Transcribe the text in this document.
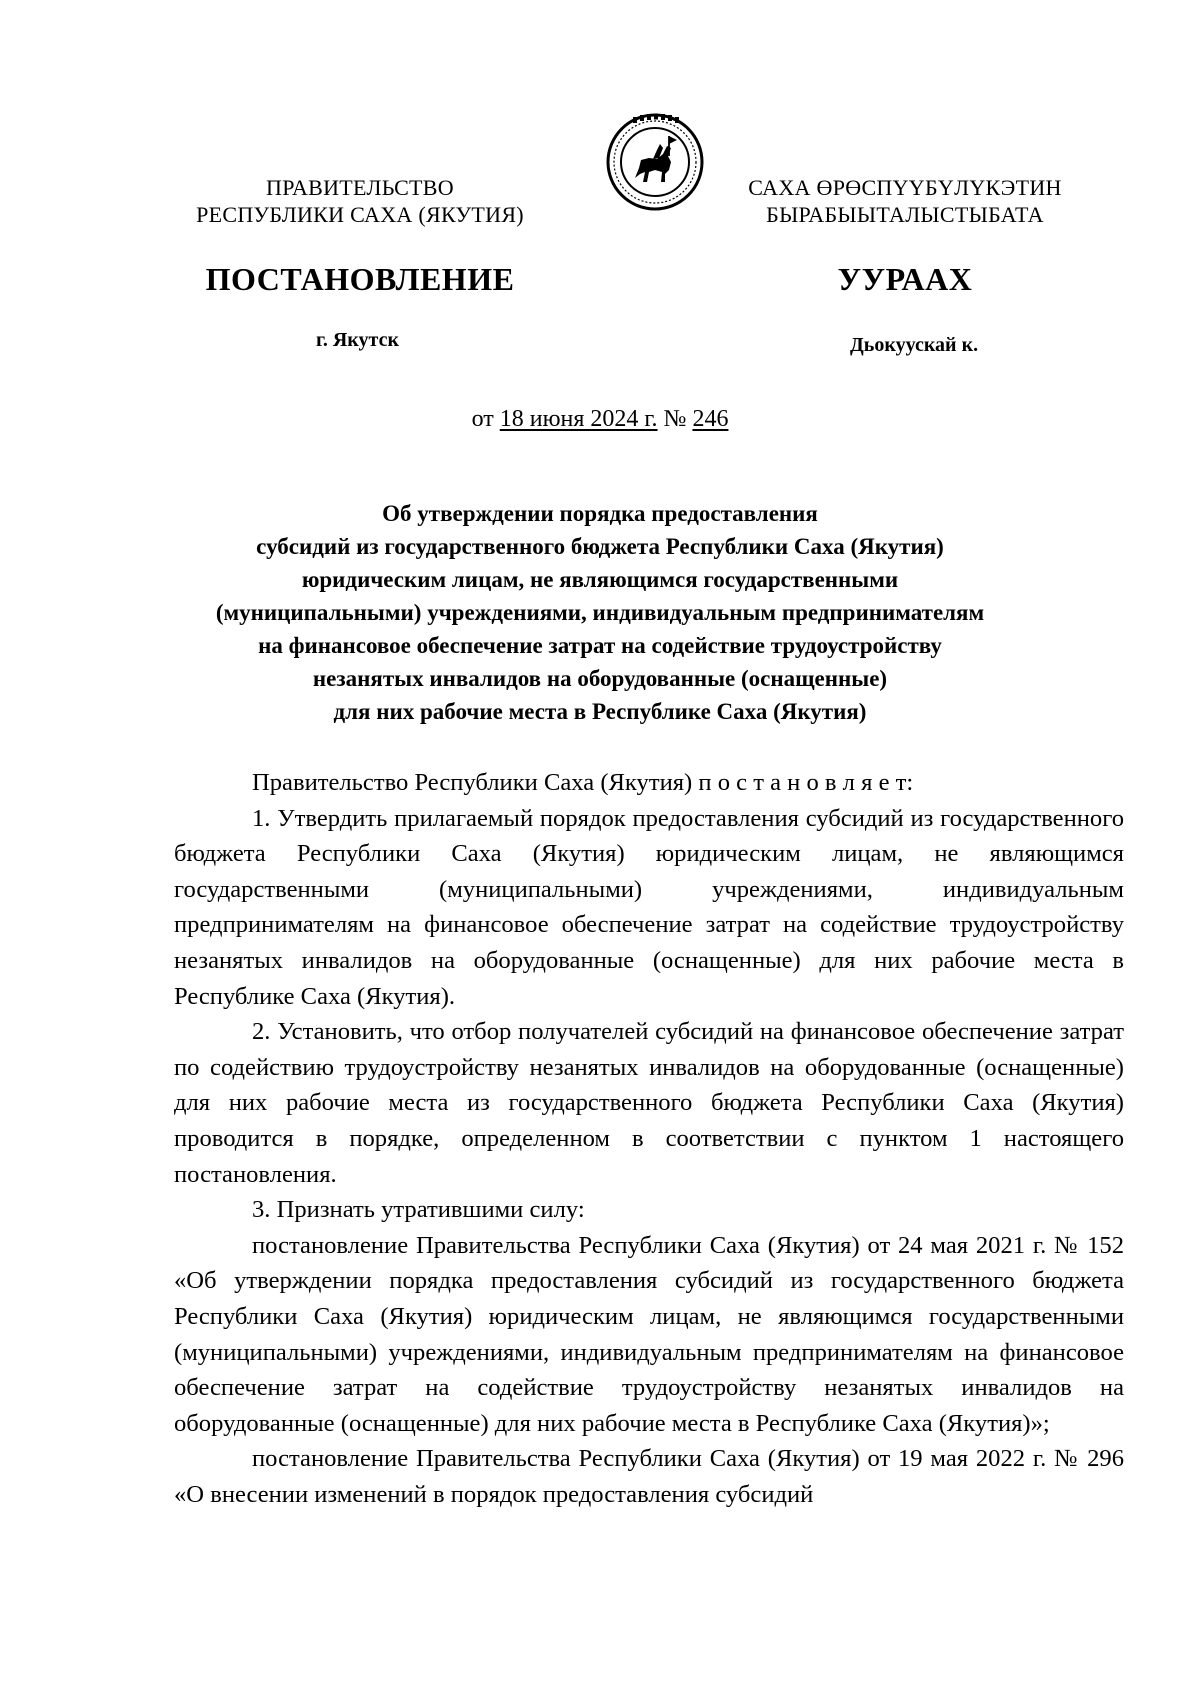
ПРАВИТЕЛЬСТВО
РЕСПУБЛИКИ САХА (ЯКУТИЯ)
САХА ӨРӨСПҮҮБҮЛҮКЭТИН
БЫРАБЫЫТАЛЫСТЫБАТА
ПОСТАНОВЛЕНИЕ	УУРААХ
г. Якутск	Дьокуускай к.
от 18 июня 2024 г. № 246
Об утверждении порядка предоставления
субсидий из государственного бюджета Республики Саха (Якутия)
юридическим лицам, не являющимся государственными
(муниципальными) учреждениями, индивидуальным предпринимателям
на финансовое обеспечение затрат на содействие трудоустройству
незанятых инвалидов на оборудованные (оснащенные)
для них рабочие места в Республике Саха (Якутия)

Правительство Республики Саха (Якутия) п о с т а н о в л я е т:

1. Утвердить прилагаемый порядок предоставления субсидий из государственного бюджета Республики Саха (Якутия) юридическим лицам, не являющимся государственными (муниципальными) учреждениями, индивидуальным предпринимателям на финансовое обеспечение затрат на содействие трудоустройству незанятых инвалидов на оборудованные (оснащенные) для них рабочие места в Республике Саха (Якутия).

2. Установить, что отбор получателей субсидий на финансовое обеспечение затрат по содействию трудоустройству незанятых инвалидов на оборудованные (оснащенные) для них рабочие места из государственного бюджета Республики Саха (Якутия) проводится в порядке, определенном в соответствии с пунктом 1 настоящего постановления.

3. Признать утратившими силу:

постановление Правительства Республики Саха (Якутия) от 24 мая 2021 г. № 152 «Об утверждении порядка предоставления субсидий из государственного бюджета Республики Саха (Якутия) юридическим лицам, не являющимся государственными (муниципальными) учреждениями, индивидуальным предпринимателям на финансовое обеспечение затрат на содействие трудоустройству незанятых инвалидов на оборудованные (оснащенные) для них рабочие места в Республике Саха (Якутия)»;

постановление Правительства Республики Саха (Якутия) от 19 мая 2022 г. № 296 «О внесении изменений в порядок предоставления субсидий
